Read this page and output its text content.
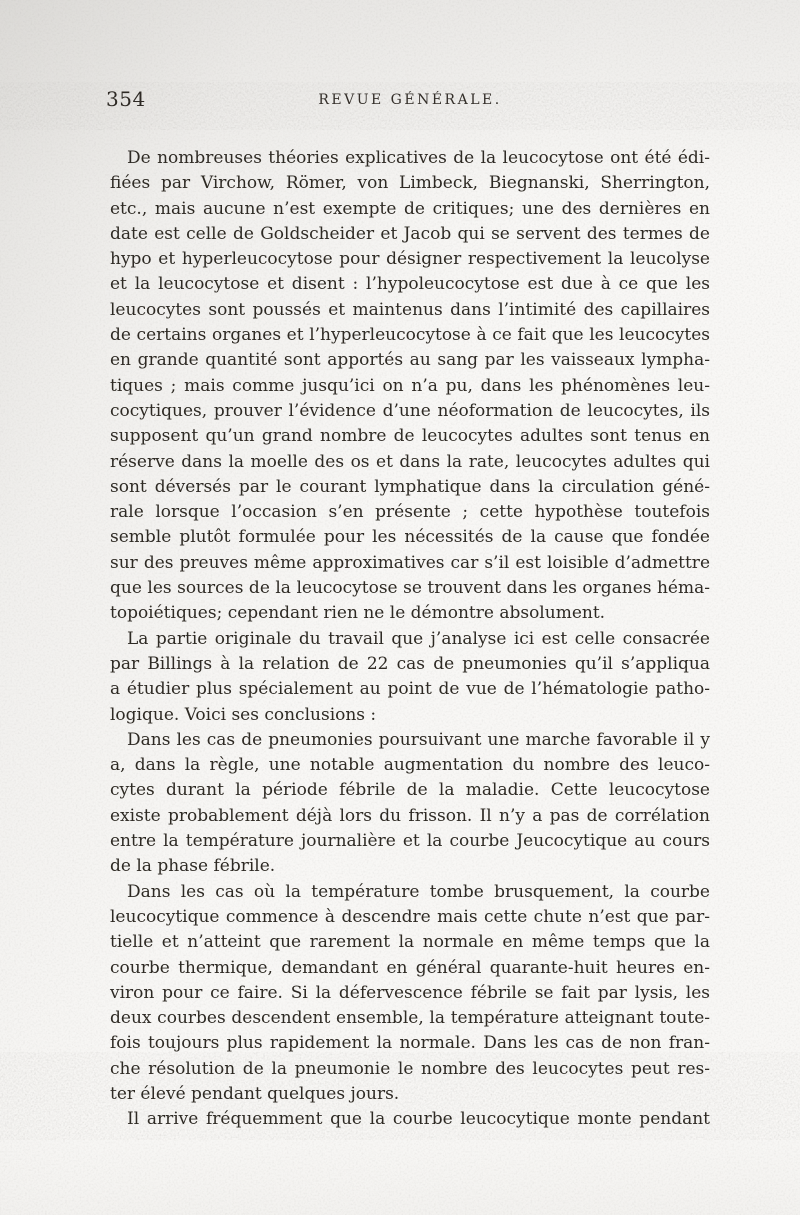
354	REVUE GÉNÉRALE.
De nombreuses théories explicatives de la leucocytose ont été édi-
fiées par Virchow, Römer, von Limbeck, Biegnanski, Sherrington,
etc., mais aucune n’est exempte de critiques; une des dernières en
date est celle de Goldscheider et Jacob qui se servent des termes de
hypo et hyperleucocytose pour désigner respectivement la leucolyse
et la leucocytose et disent : l’hypoleucocytose est due à ce que les
leucocytes sont poussés et maintenus dans l’intimité des capillaires
de certains organes et l’hyperleucocytose à ce fait que les leucocytes
en grande quantité sont apportés au sang par les vaisseaux lympha-
tiques ; mais comme jusqu’ici on n’a pu, dans les phénomènes leu-
cocytiques, prouver l’évidence d’une néoformation de leucocytes, ils
supposent qu’un grand nombre de leucocytes adultes sont tenus en
réserve dans la moelle des os et dans la rate, leucocytes adultes qui
sont déversés par le courant lymphatique dans la circulation géné-
rale lorsque l’occasion s’en présente ; cette hypothèse toutefois
semble plutôt formulée pour les nécessités de la cause que fondée
sur des preuves même approximatives car s’il est loisible d’admettre
que les sources de la leucocytose se trouvent dans les organes héma-
topoiétiques; cependant rien ne le démontre absolument.
La partie originale du travail que j’analyse ici est celle consacrée
par Billings à la relation de 22 cas de pneumonies qu’il s’appliqua
a étudier plus spécialement au point de vue de l’hématologie patho-
logique. Voici ses conclusions :
Dans les cas de pneumonies poursuivant une marche favorable il y
a, dans la règle, une notable augmentation du nombre des leuco-
cytes durant la période fébrile de la maladie. Cette leucocytose
existe probablement déjà lors du frisson. Il n’y a pas de corrélation
entre la température journalière et la courbe Jeucocytique au cours
de la phase fébrile.
Dans les cas où la température tombe brusquement, la courbe
leucocytique commence à descendre mais cette chute n’est que par-
tielle et n’atteint que rarement la normale en même temps que la
courbe thermique, demandant en général quarante-huit heures en-
viron pour ce faire. Si la défervescence fébrile se fait par lysis, les
deux courbes descendent ensemble, la température atteignant toute-
fois toujours plus rapidement la normale. Dans les cas de non fran-
che résolution de la pneumonie le nombre des leucocytes peut res-
ter élevé pendant quelques jours.
Il arrive fréquemment que la courbe leucocytique monte pendant
